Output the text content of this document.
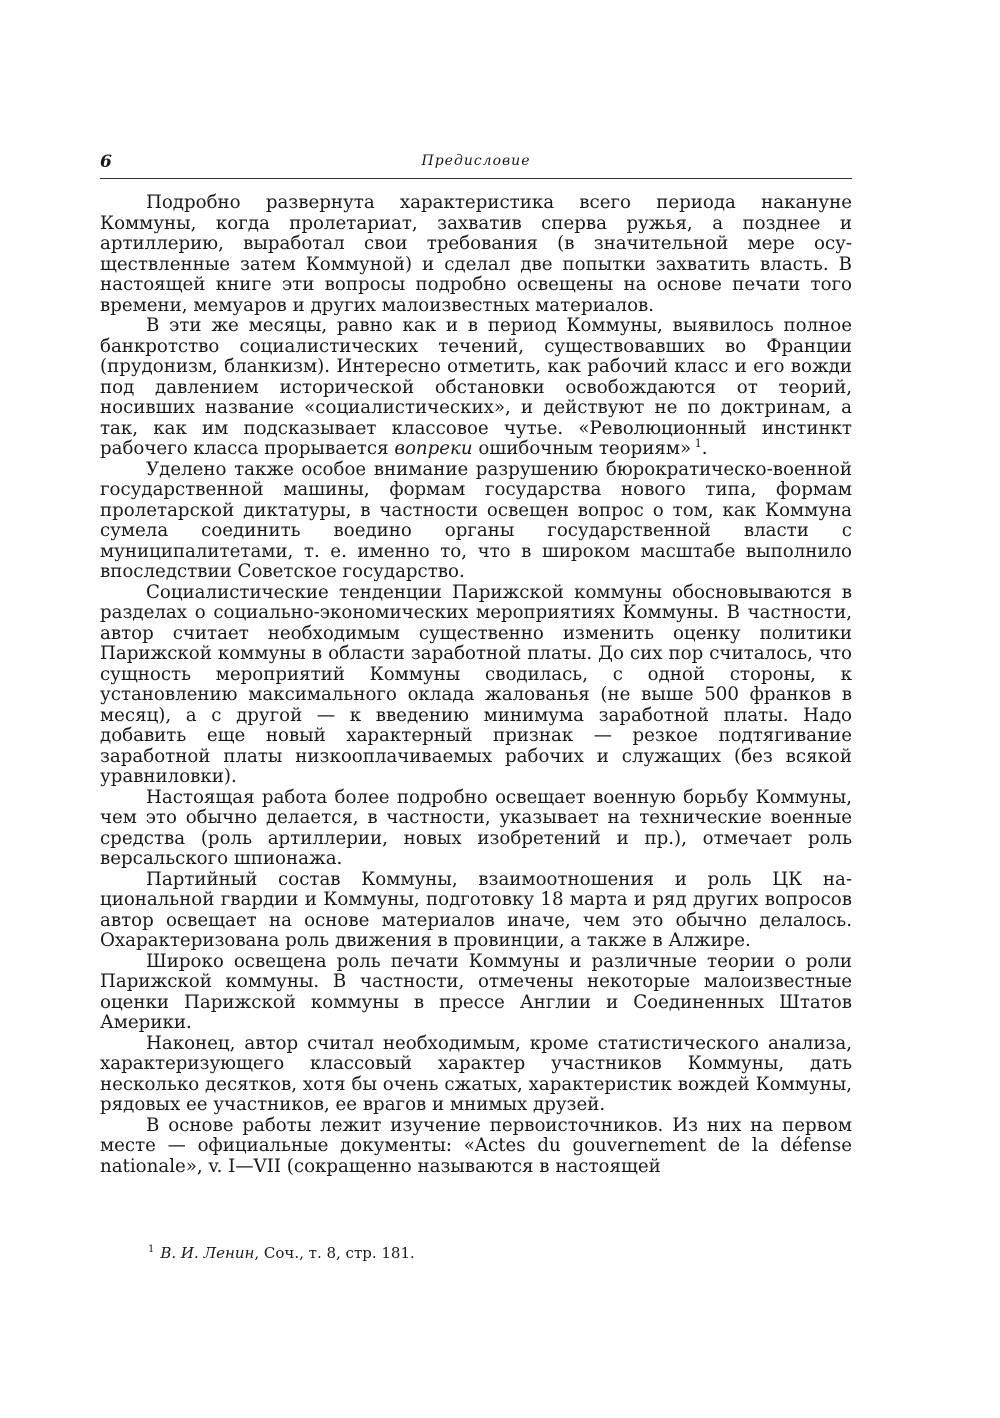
6	Предисловие

Подробно развернута характеристика всего периода накануне Коммуны, когда пролетариат, захватив сперва ружья, а позднее и артиллерию, выработал свои требования (в значительной мере осуществленные затем Коммуной) и сделал две попытки захватить власть. В настоящей книге эти вопросы подробно освещены на основе печати того времени, мемуаров и других малоизвестных материалов.

В эти же месяцы, равно как и в период Коммуны, выявилось полное банкротство социалистических течений, существовавших во Франции (прудонизм, бланкизм). Интересно отметить, как рабочий класс и его вожди под давлением исторической обстановки освобождаются от теорий, носивших название «социалистических», и действуют не по доктринам, а так, как им подсказывает классовое чутье. «Революционный инстинкт рабочего класса прорывается вопреки ошибочным теориям»  $^1$.

Уделено также особое внимание разрушению бюрократическо-военной государственной машины, формам государства нового типа, формам пролетарской диктатуры, в частности освещен вопрос о том, как Коммуна сумела соединить воедино органы государственной власти с муниципалитетами, т. е. именно то, что в широком масштабе выполнило впоследствии Советское государство.

Социалистические тенденции Парижской коммуны обосновываются в разделах о социально-экономических мероприятиях Коммуны. В частности, автор считает необходимым существенно изменить оценку политики Парижской коммуны в области заработной платы. До сих пор считалось, что сущность мероприятий Коммуны сводилась, с одной стороны, к установлению максимального оклада жалованья (не выше 500 франков в месяц), а с другой — к введению минимума заработной платы. Надо добавить еще новый характерный признак — резкое подтягивание заработной платы низкооплачиваемых рабочих и служащих (без всякой уравниловки).

Настоящая работа более подробно освещает военную борьбу Коммуны, чем это обычно делается, в частности, указывает на технические военные средства (роль артиллерии, новых изобретений и пр.), отмечает роль версальского шпионажа.

Партийный состав Коммуны, взаимоотношения и роль ЦК национальной гвардии и Коммуны, подготовку 18 марта и ряд других вопросов автор освещает на основе материалов иначе, чем это обычно делалось. Охарактеризована роль движения в провинции, а также в Алжире.

Широко освещена роль печати Коммуны и различные теории о роли Парижской коммуны. В частности, отмечены некоторые малоизвестные оценки Парижской коммуны в прессе Англии и Соединенных Штатов Америки.

Наконец, автор считал необходимым, кроме статистического анализа, характеризующего классовый характер участников Коммуны, дать несколько десятков, хотя бы очень сжатых, характеристик вождей Коммуны, рядовых ее участников, ее врагов и мнимых друзей.

В основе работы лежит изучение первоисточников. Из них на первом месте — официальные документы: «Actes du gouvernement de la défense nationale», v. I—VII (сокращенно называются в настоящей

$^1$ В. И. Ленин, Соч., т. 8, стр. 181.
